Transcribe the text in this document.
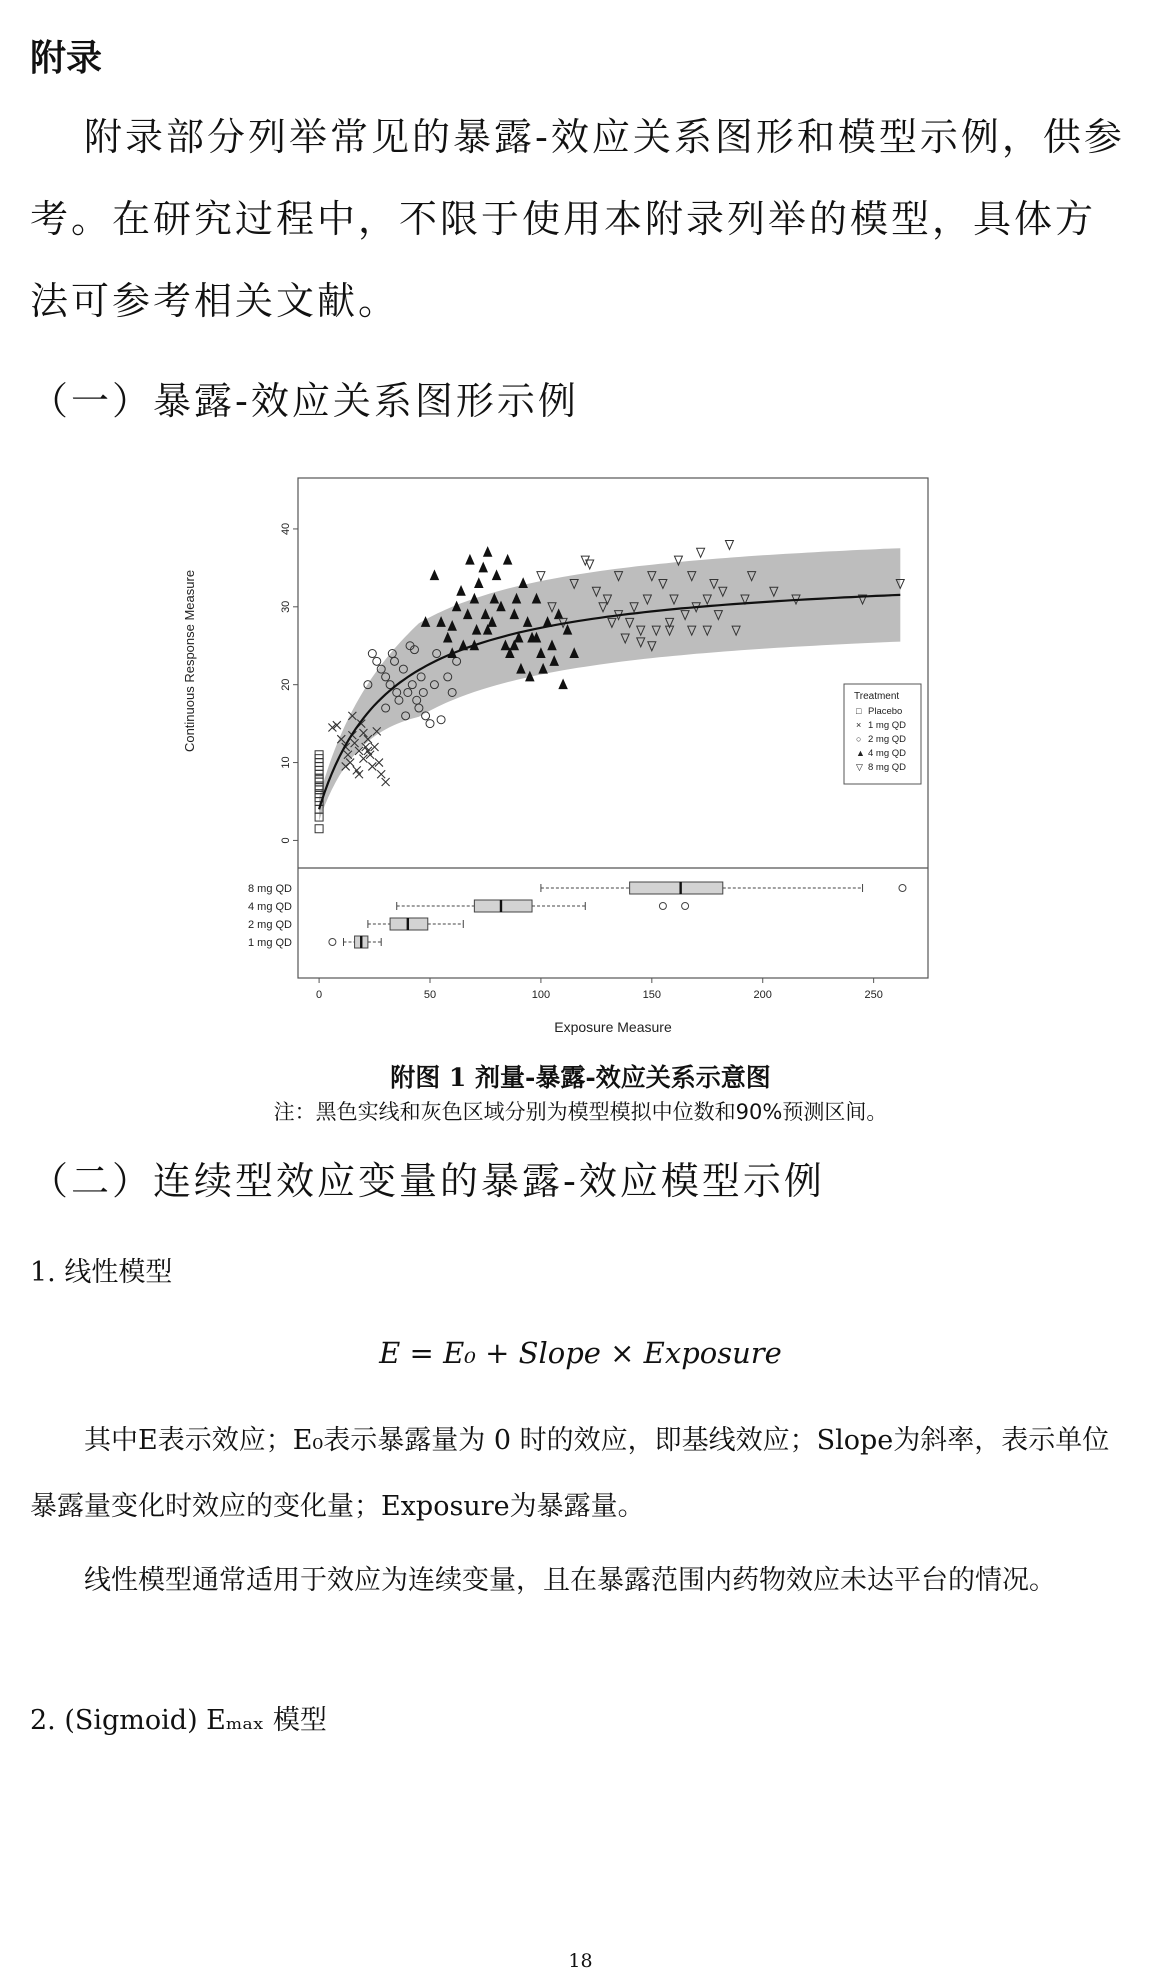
附录
附录部分列举常见的暴露-效应关系图形和模型示例，供参考。在研究过程中，不限于使用本附录列举的模型，具体方法可参考相关文献。
（一）暴露-效应关系图形示例
8 mg QD
4 mg QD
2 mg QD
1 mg QD
0
10
20
30
40
0	50	100	150	200	250
Continuous Response Measure
Exposure Measure
Treatment
□ Placebo
× 1 mg QD
○ 2 mg QD
▲ 4 mg QD
▽ 8 mg QD
附图 1 剂量-暴露-效应关系示意图
注：黑色实线和灰色区域分别为模型模拟中位数和90%预测区间。
（二）连续型效应变量的暴露-效应模型示例
1. 线性模型
E = E₀ + Slope × Exposure
其中E表示效应；E₀表示暴露量为 0 时的效应，即基线效应；Slope为斜率，表示单位暴露量变化时效应的变化量；Exposure为暴露量。
线性模型通常适用于效应为连续变量，且在暴露范围内药物效应未达平台的情况。
2. (Sigmoid) Eₘₐₓ 模型
18
